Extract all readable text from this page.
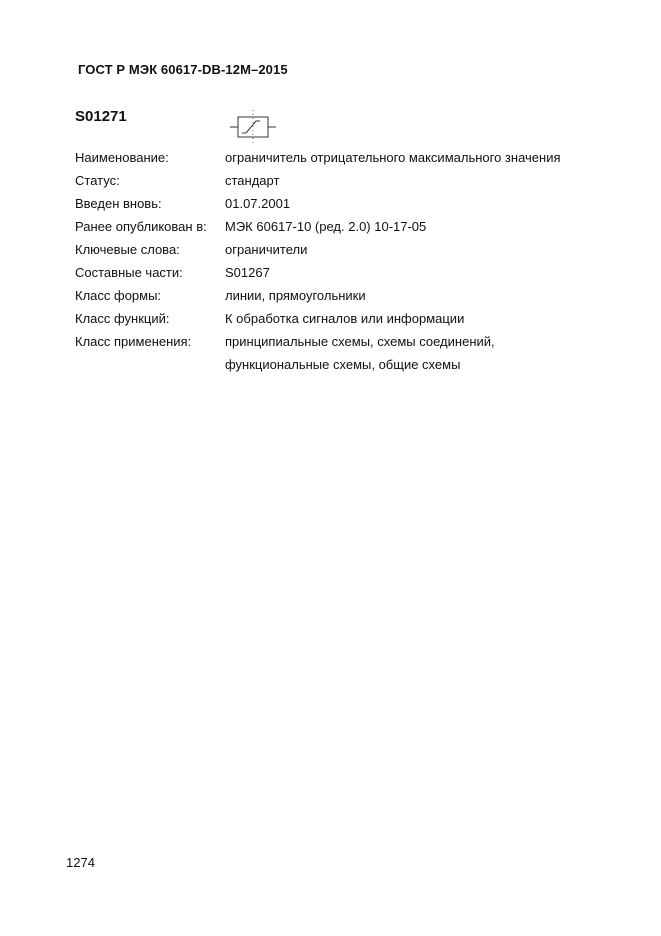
ГОСТ Р МЭК 60617-DB-12M–2015
S01271
Наименование:	ограничитель отрицательного максимального значения
Статус:	стандарт
Введен вновь:	01.07.2001
Ранее опубликован в: МЭК 60617-10 (ред. 2.0) 10-17-05
Ключевые слова:	ограничители
Составные части:	S01267
Класс формы:	линии, прямоугольники
Класс функций:	К обработка сигналов или информации
Класс применения:	принципиальные схемы, схемы соединений,
функциональные схемы, общие схемы
1274
